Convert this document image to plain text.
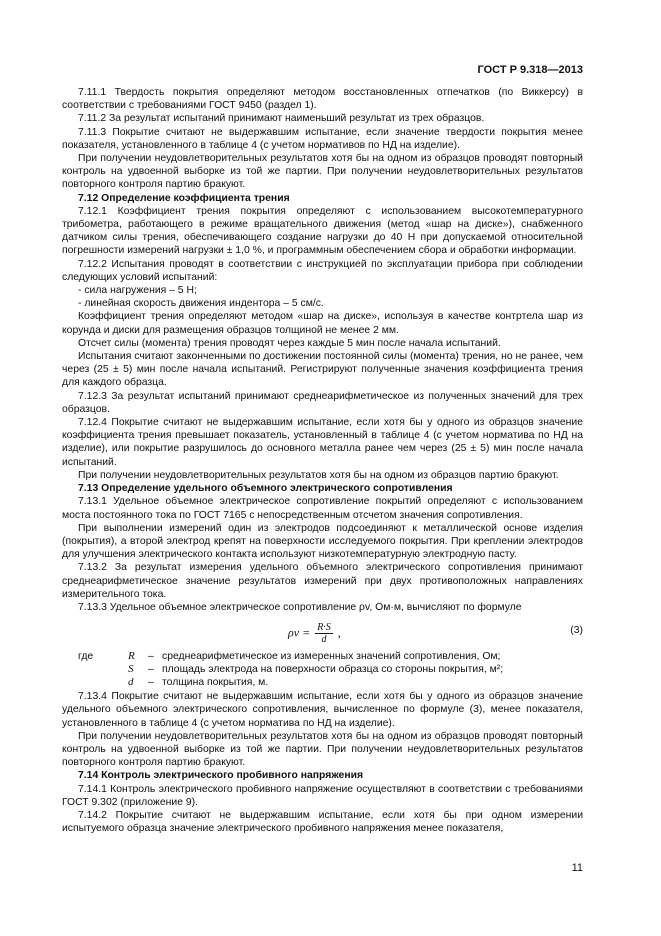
ГОСТ Р 9.318—2013

7.11.1 Твердость покрытия определяют методом восстановленных отпечатков (по Виккерсу) в соответствии с требованиями ГОСТ 9450 (раздел 1).

7.11.2 За результат испытаний принимают наименьший результат из трех образцов.

7.11.3 Покрытие считают не выдержавшим испытание, если значение твердости покрытия менее показателя, установленного в таблице 4 (с учетом нормативов по НД на изделие).

При получении неудовлетворительных результатов хотя бы на одном из образцов проводят повторный контроль на удвоенной выборке из той же партии. При получении неудовлетворительных результатов повторного контроля партию бракуют.

7.12 Определение коэффициента трения

7.12.1 Коэффициент трения покрытия определяют с использованием высокотемпературного трибометра, работающего в режиме вращательного движения (метод «шар на диске»), снабженного датчиком силы трения, обеспечивающего создание нагрузки до 40 Н при допускаемой относительной погрешности измерений нагрузки ± 1,0 %, и программным обеспечением сбора и обработки информации.

7.12.2 Испытания проводят в соответствии с инструкцией по эксплуатации прибора при соблюдении следующих условий испытаний:

- сила нагружения – 5 Н;

- линейная скорость движения индентора – 5 см/с.

Коэффициент трения определяют методом «шар на диске», используя в качестве контртела шар из корунда и диски для размещения образцов толщиной не менее 2 мм.

Отсчет силы (момента) трения проводят через каждые 5 мин после начала испытаний.

Испытания считают законченными по достижении постоянной силы (момента) трения, но не ранее, чем через (25 ± 5) мин после начала испытаний. Регистрируют полученные значения коэффициента трения для каждого образца.

7.12.3 За результат испытаний принимают среднеарифметическое из полученных значений для трех образцов.

7.12.4 Покрытие считают не выдержавшим испытание, если хотя бы у одного из образцов значение коэффициента трения превышает показатель, установленный в таблице 4 (с учетом норматива по НД на изделие), или покрытие разрушилось до основного металла ранее чем через (25 ± 5) мин после начала испытаний.

При получении неудовлетворительных результатов хотя бы на одном из образцов партию бракуют.

7.13 Определение удельного объемного электрического сопротивления

7.13.1 Удельное объемное электрическое сопротивление покрытий определяют с использованием моста постоянного тока по ГОСТ 7165 с непосредственным отсчетом значения сопротивления.

При выполнении измерений один из электродов подсоединяют к металлической основе изделия (покрытия), а второй электрод крепят на поверхности исследуемого покрытия. При креплении электродов для улучшения электрического контакта используют низкотемпературную электродную пасту.

7.13.2 За результат измерения удельного объемного электрического сопротивления принимают среднеарифметическое значение результатов измерений при двух противоположных направлениях измерительного тока.

7.13.3 Удельное объемное электрическое сопротивление ρv, Ом·м, вычисляют по формуле

$\rho v = \frac{R\cdot S}{d}$ ,	(3)
где	R – среднеарифметическое из измеренных значений сопротивления, Ом;
S – площадь электрода на поверхности образца со стороны покрытия, м²;
d – толщина покрытия, м.

7.13.4 Покрытие считают не выдержавшим испытание, если хотя бы у одного из образцов значение удельного объемного электрического сопротивления, вычисленное по формуле (3), менее показателя, установленного в таблице 4 (с учетом норматива по НД на изделие).

При получении неудовлетворительных результатов хотя бы на одном из образцов проводят повторный контроль на удвоенной выборке из той же партии. При получении неудовлетворительных результатов повторного контроля партию бракуют.

7.14 Контроль электрического пробивного напряжения

7.14.1 Контроль электрического пробивного напряжение осуществляют в соответствии с требованиями ГОСТ 9.302 (приложение 9).

7.14.2 Покрытие считают не выдержавшим испытание, если хотя бы при одном измерении испытуемого образца значение электрического пробивного напряжения менее показателя,

11
